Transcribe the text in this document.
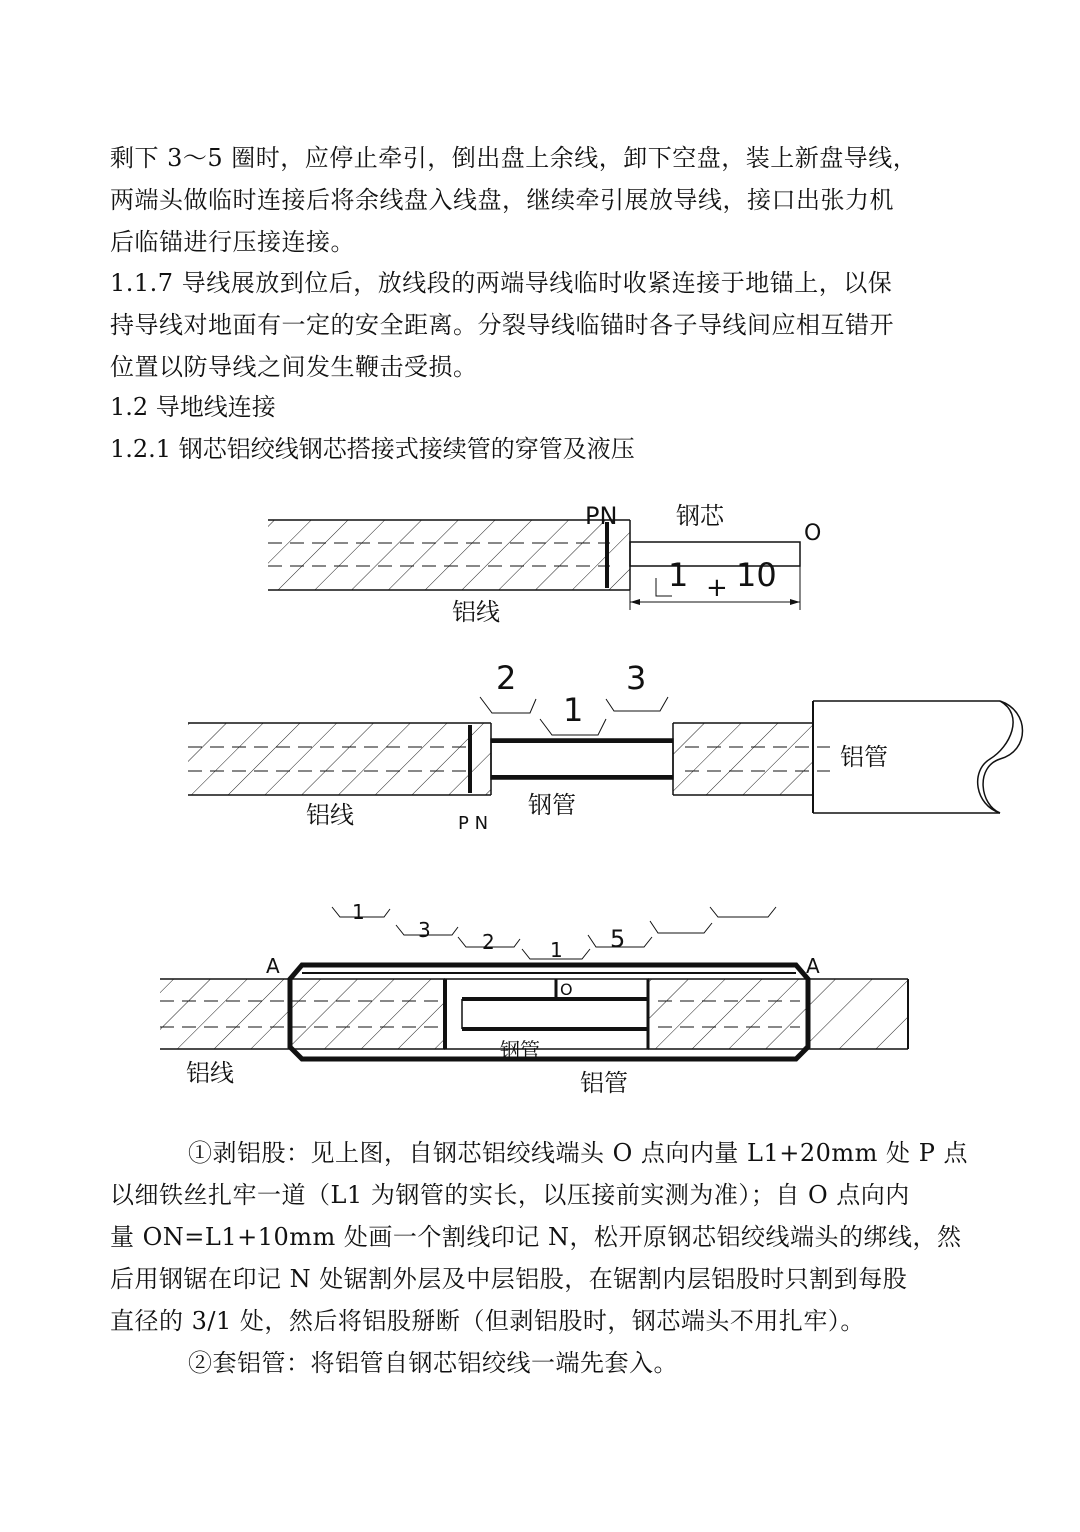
剩下 3～5 圈时，应停止牵引，倒出盘上余线，卸下空盘，装上新盘导线，
两端头做临时连接后将余线盘入线盘，继续牵引展放导线，接口出张力机
后临锚进行压接连接。

1.1.7 导线展放到位后，放线段的两端导线临时收紧连接于地锚上，以保
持导线对地面有一定的安全距离。分裂导线临锚时各子导线间应相互错开
位置以防导线之间发生鞭击受损。

1.2 导地线连接

1.2.1 钢芯铝绞线钢芯搭接式接续管的穿管及液压

PN 钢芯
O
1 + 10
铝线
2
1
3
铝线	P N
钢管
铝管
1
3	2	1 5
A	A
O
钢管
铝线	铝管

①剥铝股：见上图，自钢芯铝绞线端头 O 点向内量 L1+20mm 处 P 点
以细铁丝扎牢一道（L1 为钢管的实长，以压接前实测为准）；自 O 点向内
量 ON=L1+10mm 处画一个割线印记 N，松开原钢芯铝绞线端头的绑线，然
后用钢锯在印记 N 处锯割外层及中层铝股，在锯割内层铝股时只割到每股
直径的 3/1 处，然后将铝股掰断（但剥铝股时，钢芯端头不用扎牢）。

②套铝管：将铝管自钢芯铝绞线一端先套入。
